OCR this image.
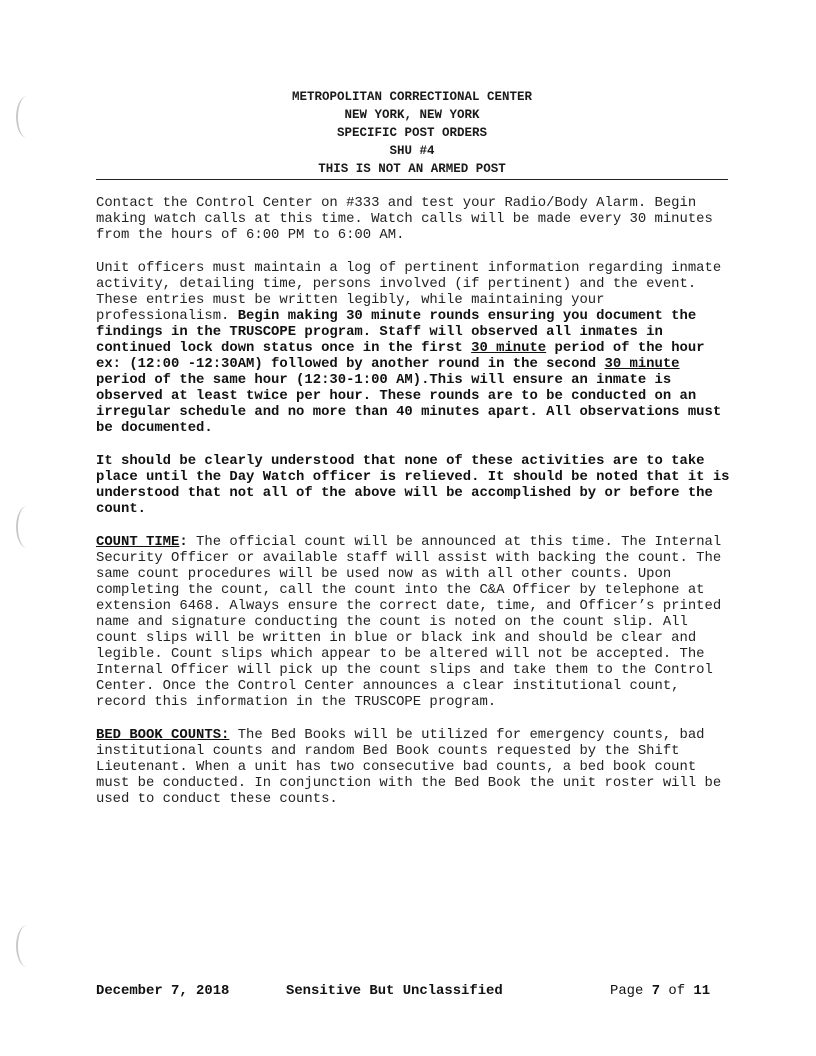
METROPOLITAN CORRECTIONAL CENTER
NEW YORK, NEW YORK
SPECIFIC POST ORDERS
SHU #4
THIS IS NOT AN ARMED POST

Contact the Control Center on #333 and test your Radio/Body Alarm. Begin making watch calls at this time. Watch calls will be made every 30 minutes from the hours of 6:00 PM to 6:00 AM.

Unit officers must maintain a log of pertinent information regarding inmate activity, detailing time, persons involved (if pertinent) and the event. These entries must be written legibly, while maintaining your professionalism. Begin making 30 minute rounds ensuring you document the findings in the TRUSCOPE program. Staff will observed all inmates in continued lock down status once in the first 30 minute period of the hour ex: (12:00 -12:30AM) followed by another round in the second 30 minute period of the same hour (12:30-1:00 AM).This will ensure an inmate is observed at least twice per hour. These rounds are to be conducted on an irregular schedule and no more than 40 minutes apart. All observations must be documented.

It should be clearly understood that none of these activities are to take place until the Day Watch officer is relieved. It should be noted that it is understood that not all of the above will be accomplished by or before the count.

COUNT TIME: The official count will be announced at this time. The Internal Security Officer or available staff will assist with backing the count. The same count procedures will be used now as with all other counts. Upon completing the count, call the count into the C&A Officer by telephone at extension 6468. Always ensure the correct date, time, and Officer’s printed name and signature conducting the count is noted on the count slip. All count slips will be written in blue or black ink and should be clear and legible. Count slips which appear to be altered will not be accepted. The Internal Officer will pick up the count slips and take them to the Control Center. Once the Control Center announces a clear institutional count, record this information in the TRUSCOPE program.

BED BOOK COUNTS: The Bed Books will be utilized for emergency counts, bad institutional counts and random Bed Book counts requested by the Shift Lieutenant. When a unit has two consecutive bad counts, a bed book count must be conducted. In conjunction with the Bed Book the unit roster will be used to conduct these counts.

December 7, 2018	Sensitive But Unclassified	Page 7 of 11
